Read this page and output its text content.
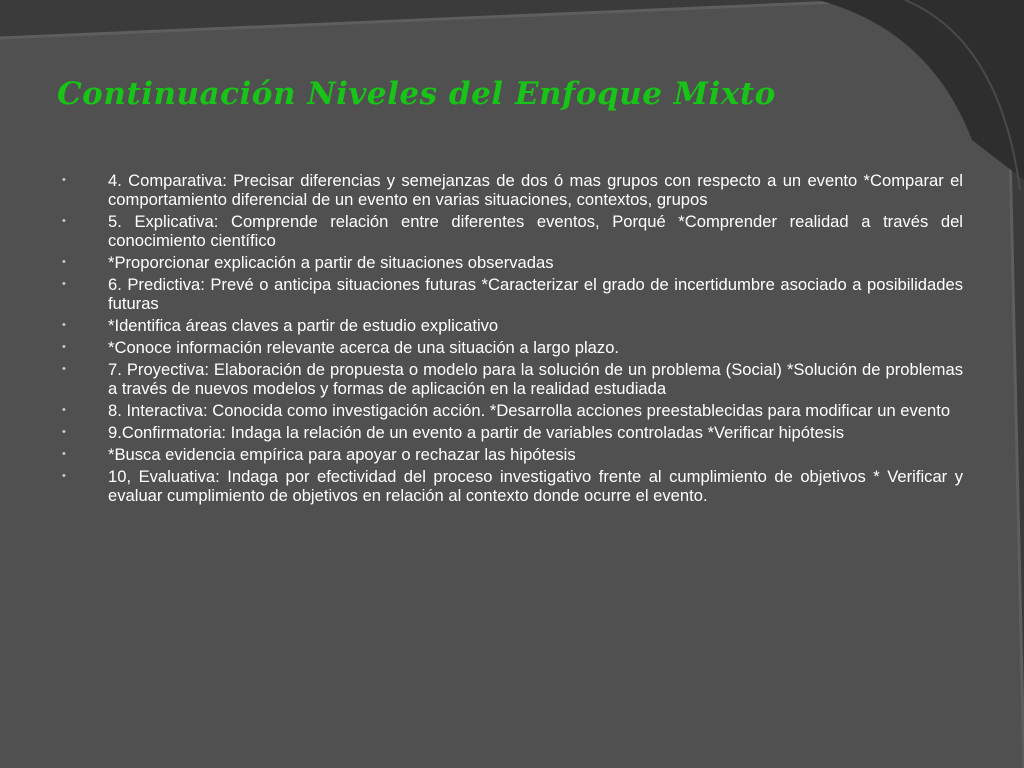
Continuación Niveles del Enfoque Mixto
•	4. Comparativa: Precisar diferencias y semejanzas de dos ó mas grupos con respecto a un evento *Comparar el comportamiento diferencial de un evento en varias situaciones, contextos, grupos
•	5. Explicativa: Comprende relación entre diferentes eventos, Porqué *Comprender realidad a través del conocimiento científico
•	*Proporcionar explicación a partir de situaciones observadas
•	6. Predictiva: Prevé o anticipa situaciones futuras *Caracterizar el grado de incertidumbre asociado a posibilidades futuras
•	*Identifica áreas claves a partir de estudio explicativo
•	*Conoce información relevante acerca de una situación a largo plazo.
•	7. Proyectiva: Elaboración de propuesta o modelo para la solución de un problema (Social) *Solución de problemas a través de nuevos modelos y formas de aplicación en la realidad estudiada
•	8. Interactiva: Conocida como investigación acción. *Desarrolla acciones preestablecidas para modificar un evento
•	9.Confirmatoria: Indaga la relación de un evento a partir de variables controladas *Verificar hipótesis
•	*Busca evidencia empírica para apoyar o rechazar las hipótesis
•	10, Evaluativa: Indaga por efectividad del proceso investigativo frente al cumplimiento de objetivos * Verificar y evaluar cumplimiento de objetivos en relación al contexto donde ocurre el evento.
